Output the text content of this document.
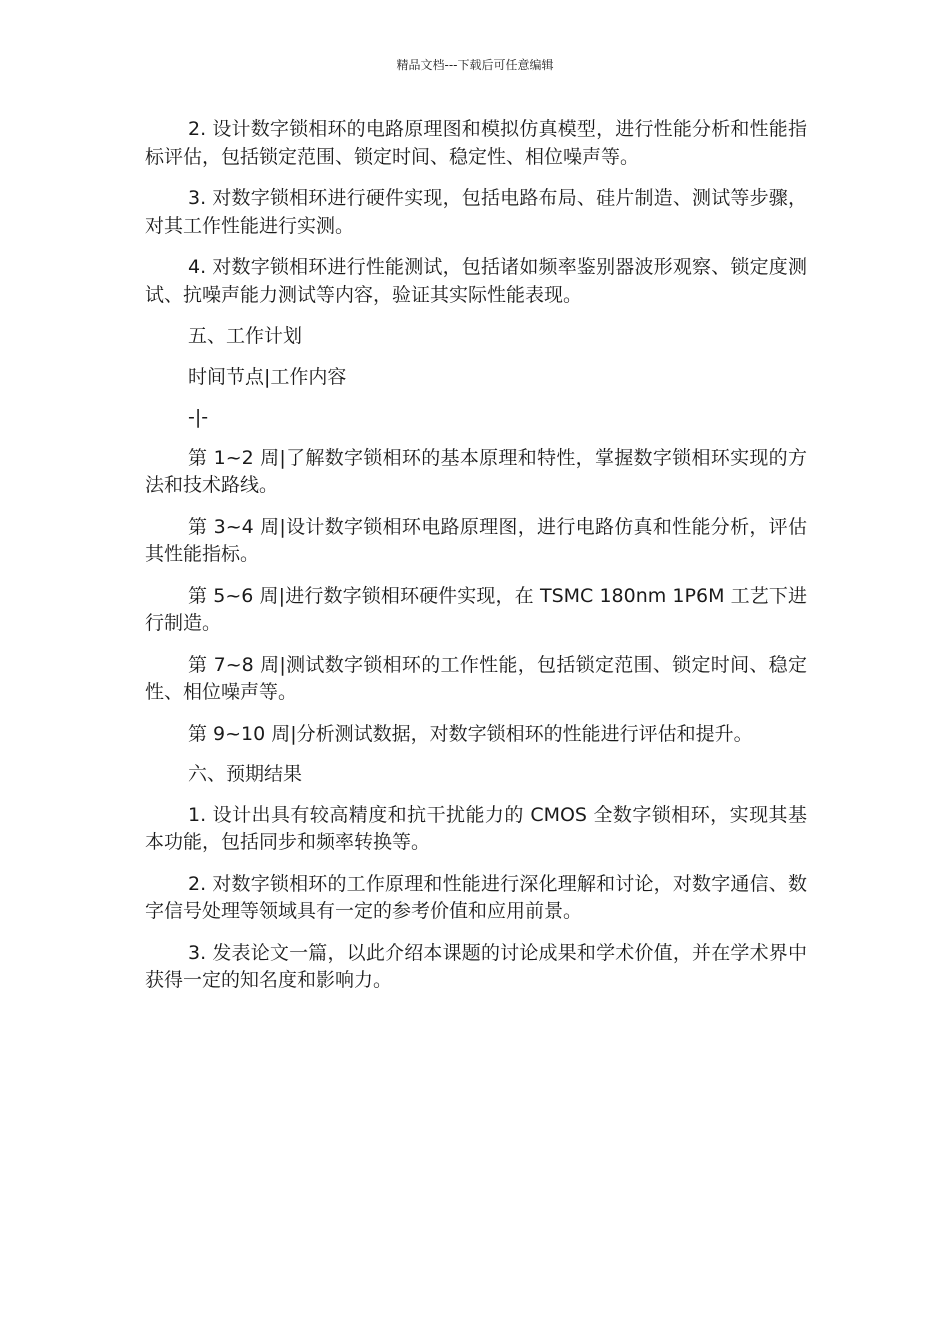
精品文档---下载后可任意编辑

2. 设计数字锁相环的电路原理图和模拟仿真模型，进行性能分析和性能指标评估，包括锁定范围、锁定时间、稳定性、相位噪声等。

3. 对数字锁相环进行硬件实现，包括电路布局、硅片制造、测试等步骤，对其工作性能进行实测。

4. 对数字锁相环进行性能测试，包括诸如频率鉴别器波形观察、锁定度测试、抗噪声能力测试等内容，验证其实际性能表现。

五、工作计划

时间节点|工作内容

-|-

第 1~2 周|了解数字锁相环的基本原理和特性，掌握数字锁相环实现的方法和技术路线。

第 3~4 周|设计数字锁相环电路原理图，进行电路仿真和性能分析，评估其性能指标。

第 5~6 周|进行数字锁相环硬件实现，在 TSMC 180nm 1P6M 工艺下进行制造。

第 7~8 周|测试数字锁相环的工作性能，包括锁定范围、锁定时间、稳定性、相位噪声等。

第 9~10 周|分析测试数据，对数字锁相环的性能进行评估和提升。

六、预期结果

1. 设计出具有较高精度和抗干扰能力的 CMOS 全数字锁相环，实现其基本功能，包括同步和频率转换等。

2. 对数字锁相环的工作原理和性能进行深化理解和讨论，对数字通信、数字信号处理等领域具有一定的参考价值和应用前景。

3. 发表论文一篇，以此介绍本课题的讨论成果和学术价值，并在学术界中获得一定的知名度和影响力。
